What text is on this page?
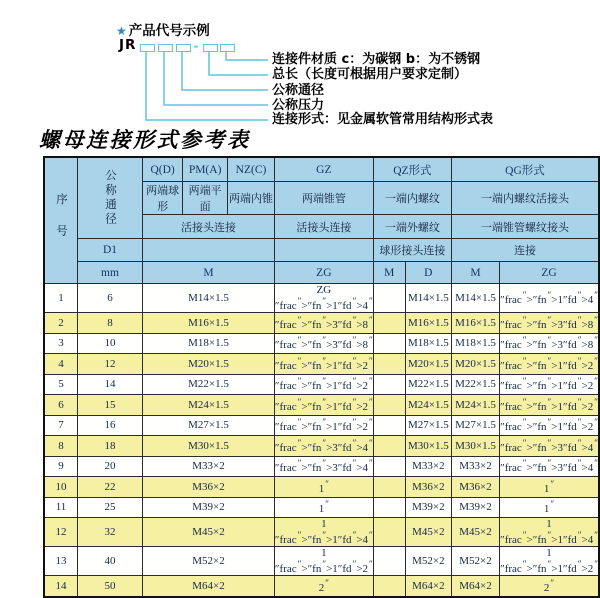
★ 产品代号示例
JR	-
连接件材质 c：为碳钢 b：为不锈钢
总长（长度可根据用户要求定制）
公称通径
公称压力
连接形式：见金属软管常用结构形式表
螺母连接形式参考表
序号	公称通径	Q(D)	PM(A)	NZ(C)	GZ	QZ形式		QG形式	
		两端球形	两端平面	两端内锥	两端锥管	一端内螺纹		一端内螺纹活接头	
		活接头连接			活接头连接	一端外螺纹		一端锥管螺纹接头	
	D1					球形接头连接		连接	
	mm	M			ZG	M	D	M	ZG
1	6	M14×1.5			ZG ″frac″>″fn″>1″fd″>4″		M14×1.5	M14×1.5	″frac″>″fn″>1″fd″>4″
2	8	M16×1.5			″frac″>″fn″>3″fd″>8″		M16×1.5	M16×1.5	″frac″>″fn″>3″fd″>8″
3	10	M18×1.5			″frac″>″fn″>3″fd″>8″		M18×1.5	M18×1.5	″frac″>″fn″>3″fd″>8″
4	12	M20×1.5			″frac″>″fn″>1″fd″>2″		M20×1.5	M20×1.5	″frac″>″fn″>1″fd″>2″
5	14	M22×1.5			″frac″>″fn″>1″fd″>2″		M22×1.5	M22×1.5	″frac″>″fn″>1″fd″>2″
6	15	M24×1.5			″frac″>″fn″>1″fd″>2″		M24×1.5	M24×1.5	″frac″>″fn″>1″fd″>2″
7	16	M27×1.5			″frac″>″fn″>1″fd″>2″		M27×1.5	M27×1.5	″frac″>″fn″>1″fd″>2″
8	18	M30×1.5			″frac″>″fn″>3″fd″>4″		M30×1.5	M30×1.5	″frac″>″fn″>3″fd″>4″
9	20	M33×2			″frac″>″fn″>3″fd″>4″		M33×2	M33×2	″frac″>″fn″>3″fd″>4″
10	22	M36×2			1″		M36×2	M36×2	1″
11	25	M39×2			1″		M39×2	M39×2	1″
12	32	M45×2			1 ″frac″>″fn″>1″fd″>4″		M45×2	M45×2	1 ″frac″>″fn″>1″fd″>4″
13	40	M52×2			1 ″frac″>″fn″>1″fd″>2″		M52×2	M52×2	1 ″frac″>″fn″>1″fd″>2″
14	50	M64×2			2″		M64×2	M64×2	2″
